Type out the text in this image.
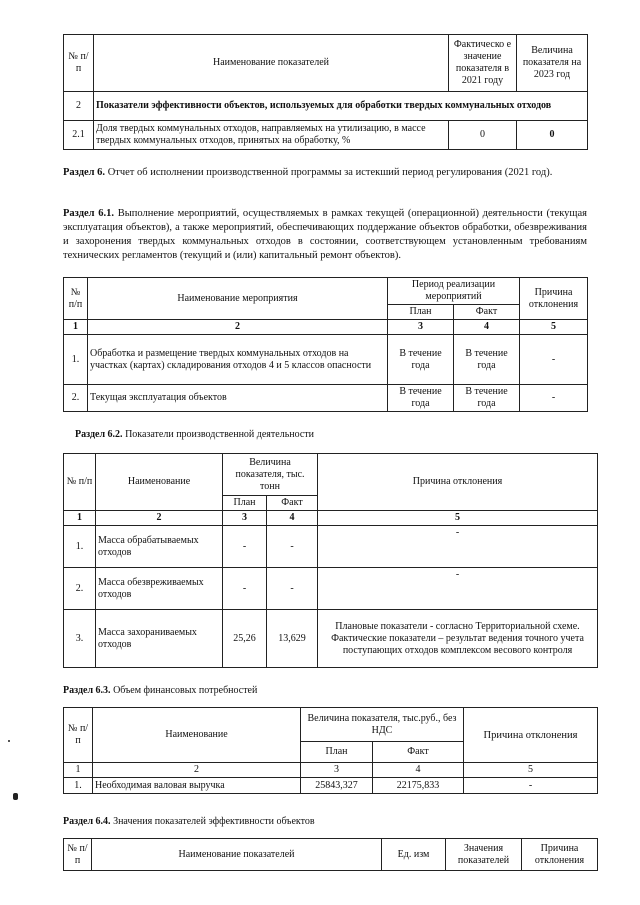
№ п/ п	Наименование показателей	Фактическо е значение показателя в 2021 году	Величина показателя на 2023 год
2	Показатели эффективности объектов, используемых для обработки твердых коммунальных отходов		
2.1	Доля твердых коммунальных отходов, направляемых на утилизацию, в массе твердых коммунальных отходов, принятых на обработку, %	0	0
Раздел 6. Отчет об исполнении производственной программы за истекший период регулирования (2021 год).
Раздел 6.1. Выполнение мероприятий, осуществляемых в рамках текущей (операционной) деятельности (текущая эксплуатация объектов), а также мероприятий, обеспечивающих поддержание объектов обработки, обезвреживания и захоронения твердых коммунальных отходов в состоянии, соответствующем установленным требованиям технических регламентов (текущий и (или) капитальный ремонт объектов).
№ п/п	Наименование мероприятия	Период реализации мероприятий		Причина отклонения
		План	Факт	
1	2	3	4	5
1.	Обработка и размещение твердых коммунальных отходов на участках (картах) складирования отходов 4 и 5 классов опасности	В течение года	В течение года	-
2.	Текущая эксплуатация объектов	В течение года	В течение года	-
Раздел 6.2. Показатели производственной деятельности
№ п/п	Наименование	Величина показателя, тыс. тонн		Причина отклонения
		План	Факт	
1	2	3	4	5
1.	Масса обрабатываемых отходов	-	-	-
2.	Масса обезвреживаемых отходов	-	-	-
3.	Масса захораниваемых отходов	25,26	13,629	Плановые показатели - согласно Территориальной схеме. Фактические показатели – результат ведения точного учета поступающих отходов комплексом весового контроля
Раздел 6.3. Объем финансовых потребностей
№ п/п	Наименование	Величина показателя, тыс.руб., без НДС		Причина отклонения
		План	Факт	
1	2	3	4	5
1.	Необходимая валовая выручка	25843,327	22175,833	-
Раздел 6.4. Значения показателей эффективности объектов
№ п/п	Наименование показателей	Ед. изм	Значения показателей	Причина отклонения
